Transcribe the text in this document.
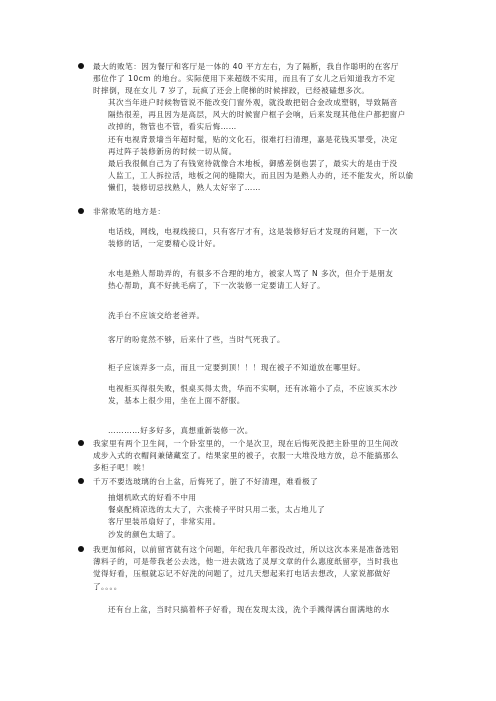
最大的败笔：因为餐厅和客厅是一体的 40 平方左右，为了隔断，我自作聪明的在客厅
那位作了 10cm 的地台。实际使用下来超级不实用，而且有了女儿之后知道我方不定
时摔倒，现在女儿 7 岁了，玩疯了还会上爬梯的时候摔跤，已经被磕想多次。
其次当年进户时候物管说不能改变门窗外观，就没敢把铝合金改成塑钢，导致隔音
隔热很差，再且因为是高层，风大的时候窗户框子会响，后来发现其他住户都把窗户
改掉的，物管也不管，看实后悔……
还有电视背景墙当年超时髦，贴的文化石，很难打扫清理，嘉是花钱买罪受，决定
再过阵子装修新房的时候一切从简。
最后我很佩自己为了有钱宽待就像合木地板，御感差倒也罢了，最实大的是由于没
人监工，工人拆拉活，地板之间的缝隙大，而且因为是熟人办的，还不能发火，所以偷
懒们，装修切忌找熟人，熟人太好宰了……
非常败笔的地方是：
电话线，网线，电视线接口，只有客厅才有，这是装修好后才发现的问题，下一次
装修的话，一定要精心设计好。
水电是熟人帮助弄的，有很多不合理的地方，被家人骂了 N 多次，但介于是朋友
热心帮助，真不好挑毛病了，下一次装修一定要请工人好了。
洗手台不应该交给老爸弄。
客厅的吩竟然不够，后来什了些，当时气死我了。
柜子应该弄多一点，而且一定要到顶！！！现在被子不知道放在哪里好。
电视柜买得很失败，恨桌买得太贵，华而不实啊，还有冰箱小了点，不应该买木沙
发，基本上很少用，坐在上面不舒服。
…………好多好多，真想重新装修一次。
我家里有两个卫生间，一个卧室里的，一个是次卫，现在后悔死没把主卧里的卫生间改
成步入式的衣帽间兼储藏室了。结果家里的被子，衣服一大堆没地方放，总不能搞那么
多柜子吧！唉！
千万不要选玻璃的台上盆，后悔死了，脏了不好清理，难看极了
抽烟机欧式的好看不中用
餐桌配椅凉选的太大了，六张椅子平时只用二张，太占地儿了
客厅里装吊扇好了，非常实用。
沙发的颜色太暗了。
我更加郁闷，以前留宵就有这个问题，年纪我几年都没改过，所以这次本来是准备选铝
薄料子的，可是带我老公去选，他一进去就选了灵厚文章的什么惠度纸留亭，当时我也
觉得好看，压根就忘记不好洗的问题了，过几天想起来打电话去想改，人家说都做好
了。。。。
还有台上盆，当时只搞着杯子好看，现在发现太浅，洗个手溅得满台面满地的水
